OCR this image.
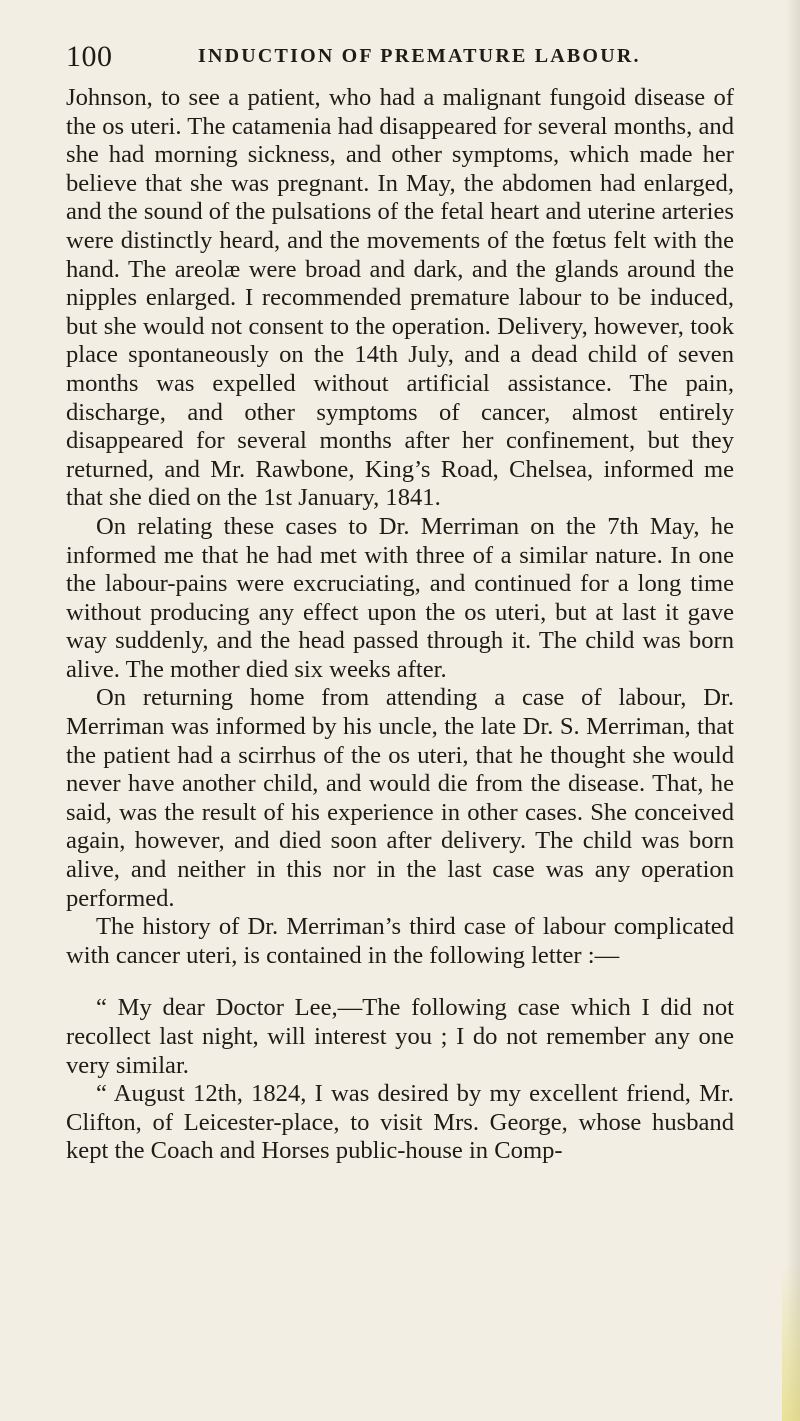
100	INDUCTION OF PREMATURE LABOUR.

Johnson, to see a patient, who had a malignant fungoid disease of the os uteri. The catamenia had disappeared for several months, and she had morning sickness, and other symptoms, which made her believe that she was pregnant. In May, the abdomen had enlarged, and the sound of the pulsations of the fetal heart and uterine arteries were distinctly heard, and the movements of the fœtus felt with the hand. The areolæ were broad and dark, and the glands around the nipples enlarged. I recommended premature labour to be induced, but she would not consent to the operation. Delivery, however, took place spontaneously on the 14th July, and a dead child of seven months was expelled without artificial assistance. The pain, discharge, and other symptoms of cancer, almost entirely disappeared for several months after her confinement, but they returned, and Mr. Rawbone, King’s Road, Chelsea, informed me that she died on the 1st January, 1841.

On relating these cases to Dr. Merriman on the 7th May, he informed me that he had met with three of a similar nature. In one the labour-pains were excruciating, and continued for a long time without producing any effect upon the os uteri, but at last it gave way suddenly, and the head passed through it. The child was born alive. The mother died six weeks after.

On returning home from attending a case of labour, Dr. Merriman was informed by his uncle, the late Dr. S. Merriman, that the patient had a scirrhus of the os uteri, that he thought she would never have another child, and would die from the disease. That, he said, was the result of his experience in other cases. She conceived again, however, and died soon after delivery. The child was born alive, and neither in this nor in the last case was any operation performed.

The history of Dr. Merriman’s third case of labour complicated with cancer uteri, is contained in the following letter :—

“ My dear Doctor Lee,—The following case which I did not recollect last night, will interest you ; I do not remember any one very similar.

“ August 12th, 1824, I was desired by my excellent friend, Mr. Clifton, of Leicester-place, to visit Mrs. George, whose husband kept the Coach and Horses public-house in Comp-
